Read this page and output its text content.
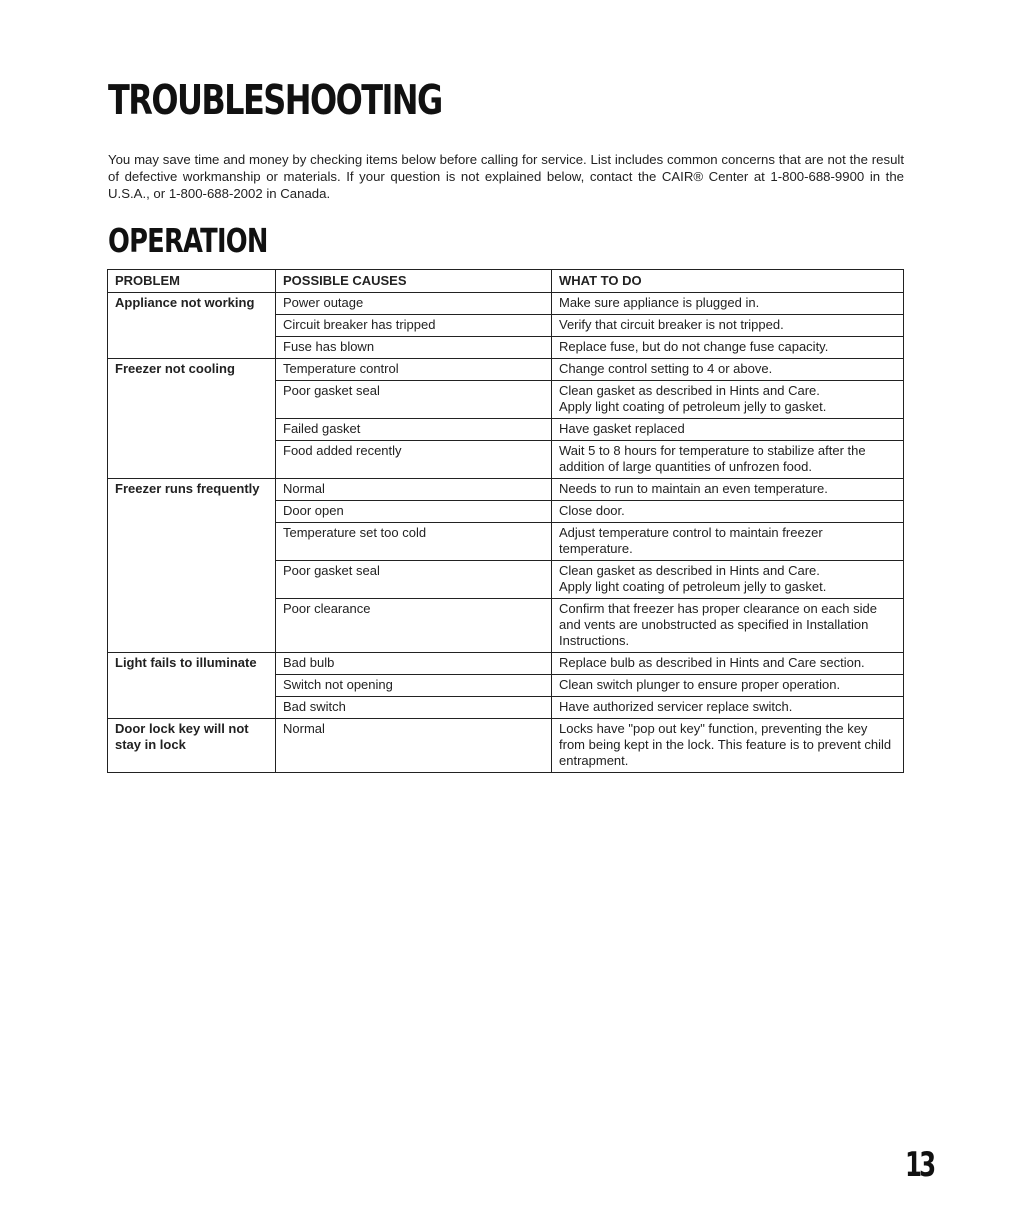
TROUBLESHOOTING
You may save time and money by checking items below before calling for service. List includes common concerns that are not the result of defective workmanship or materials. If your question is not explained below, contact the CAIR® Center at 1-800-688-9900 in the U.S.A., or 1-800-688-2002 in Canada.
OPERATION
PROBLEM	POSSIBLE CAUSES	WHAT TO DO
Appliance not working	Power outage	Make sure appliance is plugged in.
	Circuit breaker has tripped	Verify that circuit breaker is not tripped.
	Fuse has blown	Replace fuse, but do not change fuse capacity.
Freezer not cooling	Temperature control	Change control setting to 4 or above.
	Poor gasket seal	Clean gasket as described in Hints and Care.
Apply light coating of petroleum jelly to gasket.
	Failed gasket	Have gasket replaced
	Food added recently	Wait 5 to 8 hours for temperature to stabilize after the addition of large quantities of unfrozen food.
Freezer runs frequently	Normal	Needs to run to maintain an even temperature.
	Door open	Close door.
	Temperature set too cold	Adjust temperature control to maintain freezer temperature.
	Poor gasket seal	Clean gasket as described in Hints and Care.
Apply light coating of petroleum jelly to gasket.
	Poor clearance	Confirm that freezer has proper clearance on each side and vents are unobstructed as specified in Installation Instructions.
Light fails to illuminate	Bad bulb	Replace bulb as described in Hints and Care section.
	Switch not opening	Clean switch plunger to ensure proper operation.
	Bad switch	Have authorized servicer replace switch.
Door lock key will not stay in lock	Normal	Locks have "pop out key" function, preventing the key from being kept in the lock. This feature is to prevent child entrapment.
13
